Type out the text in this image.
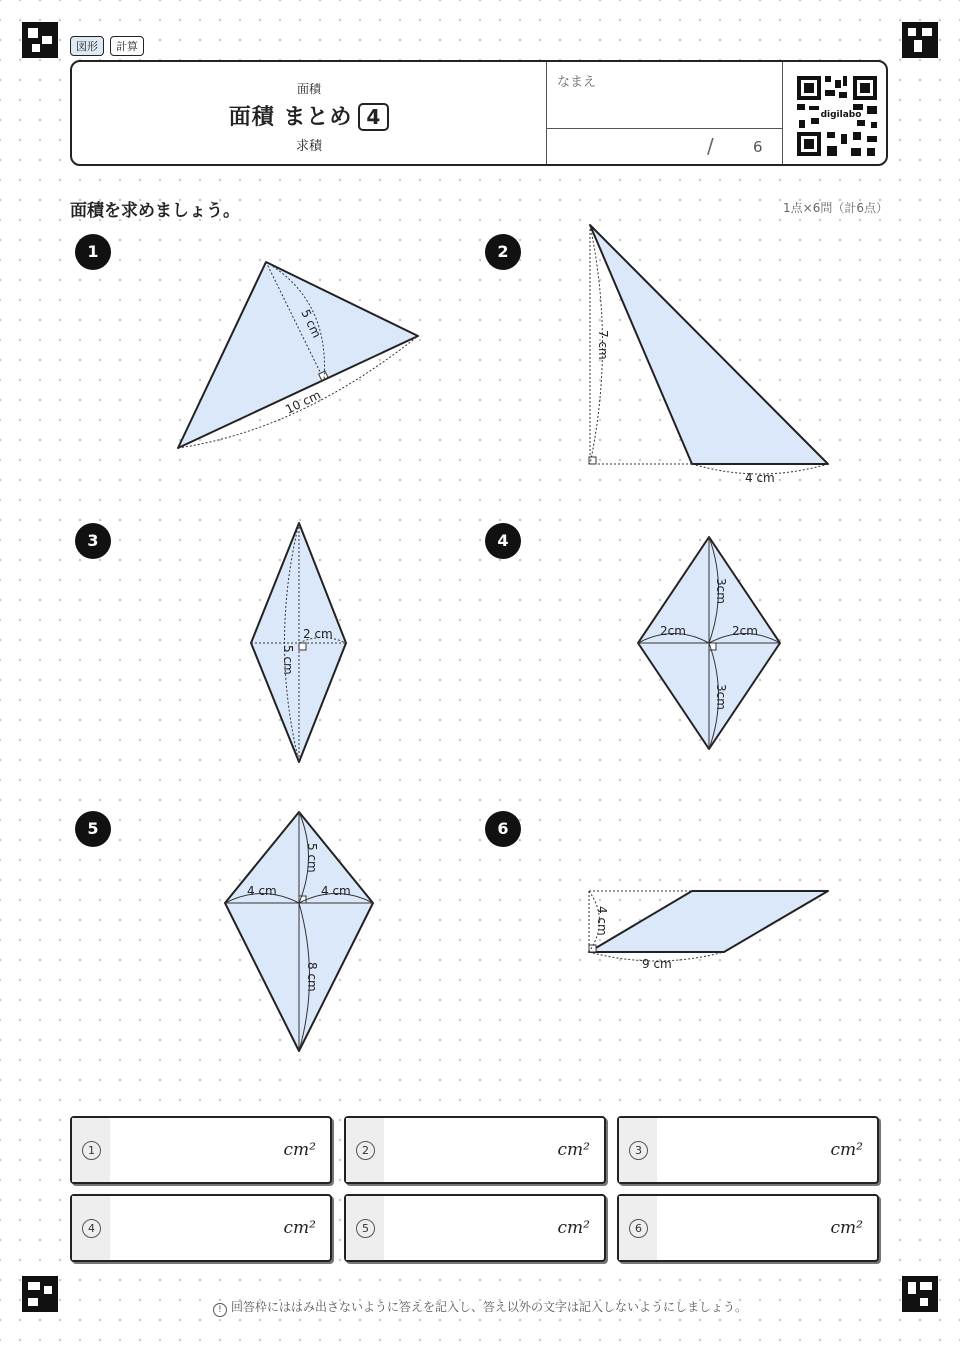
図形	計算
面積
面積 まとめ 4
求積
なまえ
/	6
digilabo
面積を求めましょう。	1点×6問（計6点）
1	2
3	4
5	6
5 cm
10 cm
7 cm
4 cm
2 cm
5 cm
3cm
2cm	2cm
3cm
5 cm
4 cm	4 cm
8 cm
4 cm
9 cm
1	cm²	2	cm²	3	cm²
4	cm²	5	cm²	6	cm²
! 回答枠にははみ出さないように答えを記入し、答え以外の文字は記入しないようにしましょう。
